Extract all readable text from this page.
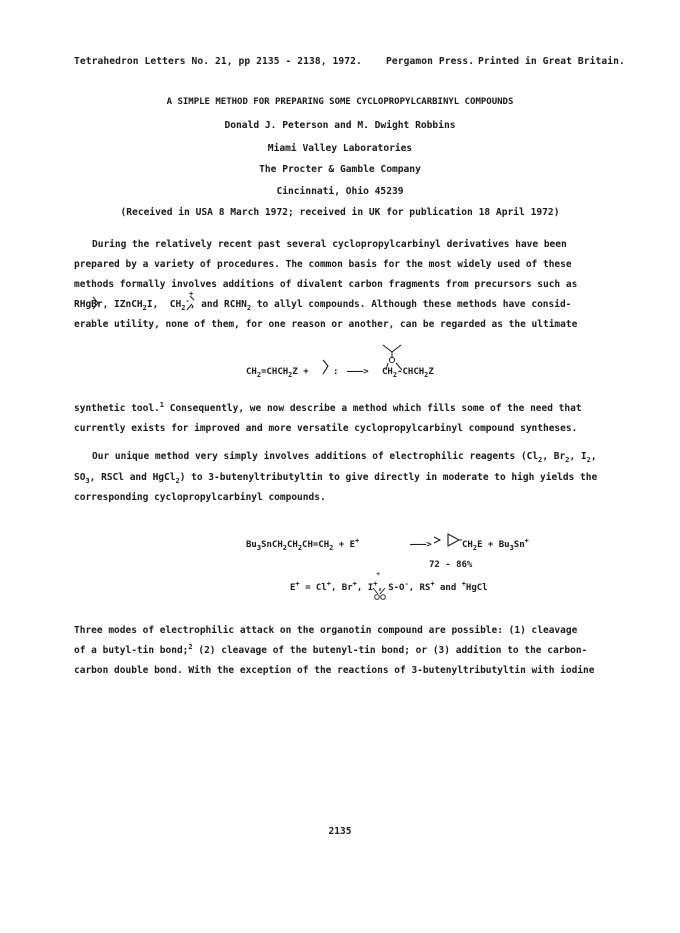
Tetrahedron Letters No. 21, pp 2135 - 2138, 1972.	Pergamon Press. Printed in Great Britain.
A SIMPLE METHOD FOR PREPARING SOME CYCLOPROPYLCARBINYL COMPOUNDS
Donald J. Peterson and M. Dwight Robbins
Miami Valley Laboratories
The Procter & Gamble Company
Cincinnati, Ohio 45239
(Received in USA 8 March 1972; received in UK for publication 18 April 1972)
During the relatively recent past several cyclopropylcarbinyl derivatives have been
prepared by a variety of procedures. The common basis for the most widely used of these
methods formally involves additions of divalent carbon fragments from precursors such as
RHgBr, IZnCH$_2$I, $CH_2^-$, and $RCHN_2$ to allyl compounds. Although these methods have consid-
+
erable utility, none of them, for one reason or another, can be regarded as the ultimate
$CH_2=CHCH_2Z$ +	: ———> $CH_2-CHCH_2Z$
synthetic tool.$^1$ Consequently, we now describe a method which fills some of the need that
currently exists for improved and more versatile cyclopropylcarbinyl compound syntheses.
Our unique method very simply involves additions of electrophilic reagents ($Cl_2$, $Br_2$, $I_2$,
$SO_3$, RSCl and HgCl$_2$) to 3-butenyltributyltin to give directly in moderate to high yields the
corresponding cyclopropylcarbinyl compounds.
$Bu_3SnCH_2CH_2CH=CH_2 + E^+$	———>	$CH_2E + Bu_3Sn^+$
72 - 86%
E+ = Cl+, Br+, I+, S-O-, RS+ and +HgCl
+
Three modes of electrophilic attack on the organotin compound are possible: (1) cleavage
of a butyl-tin bond;$^2$ (2) cleavage of the butenyl-tin bond; or (3) addition to the carbon-
carbon double bond. With the exception of the reactions of 3-butenyltributyltin with iodine
2135
